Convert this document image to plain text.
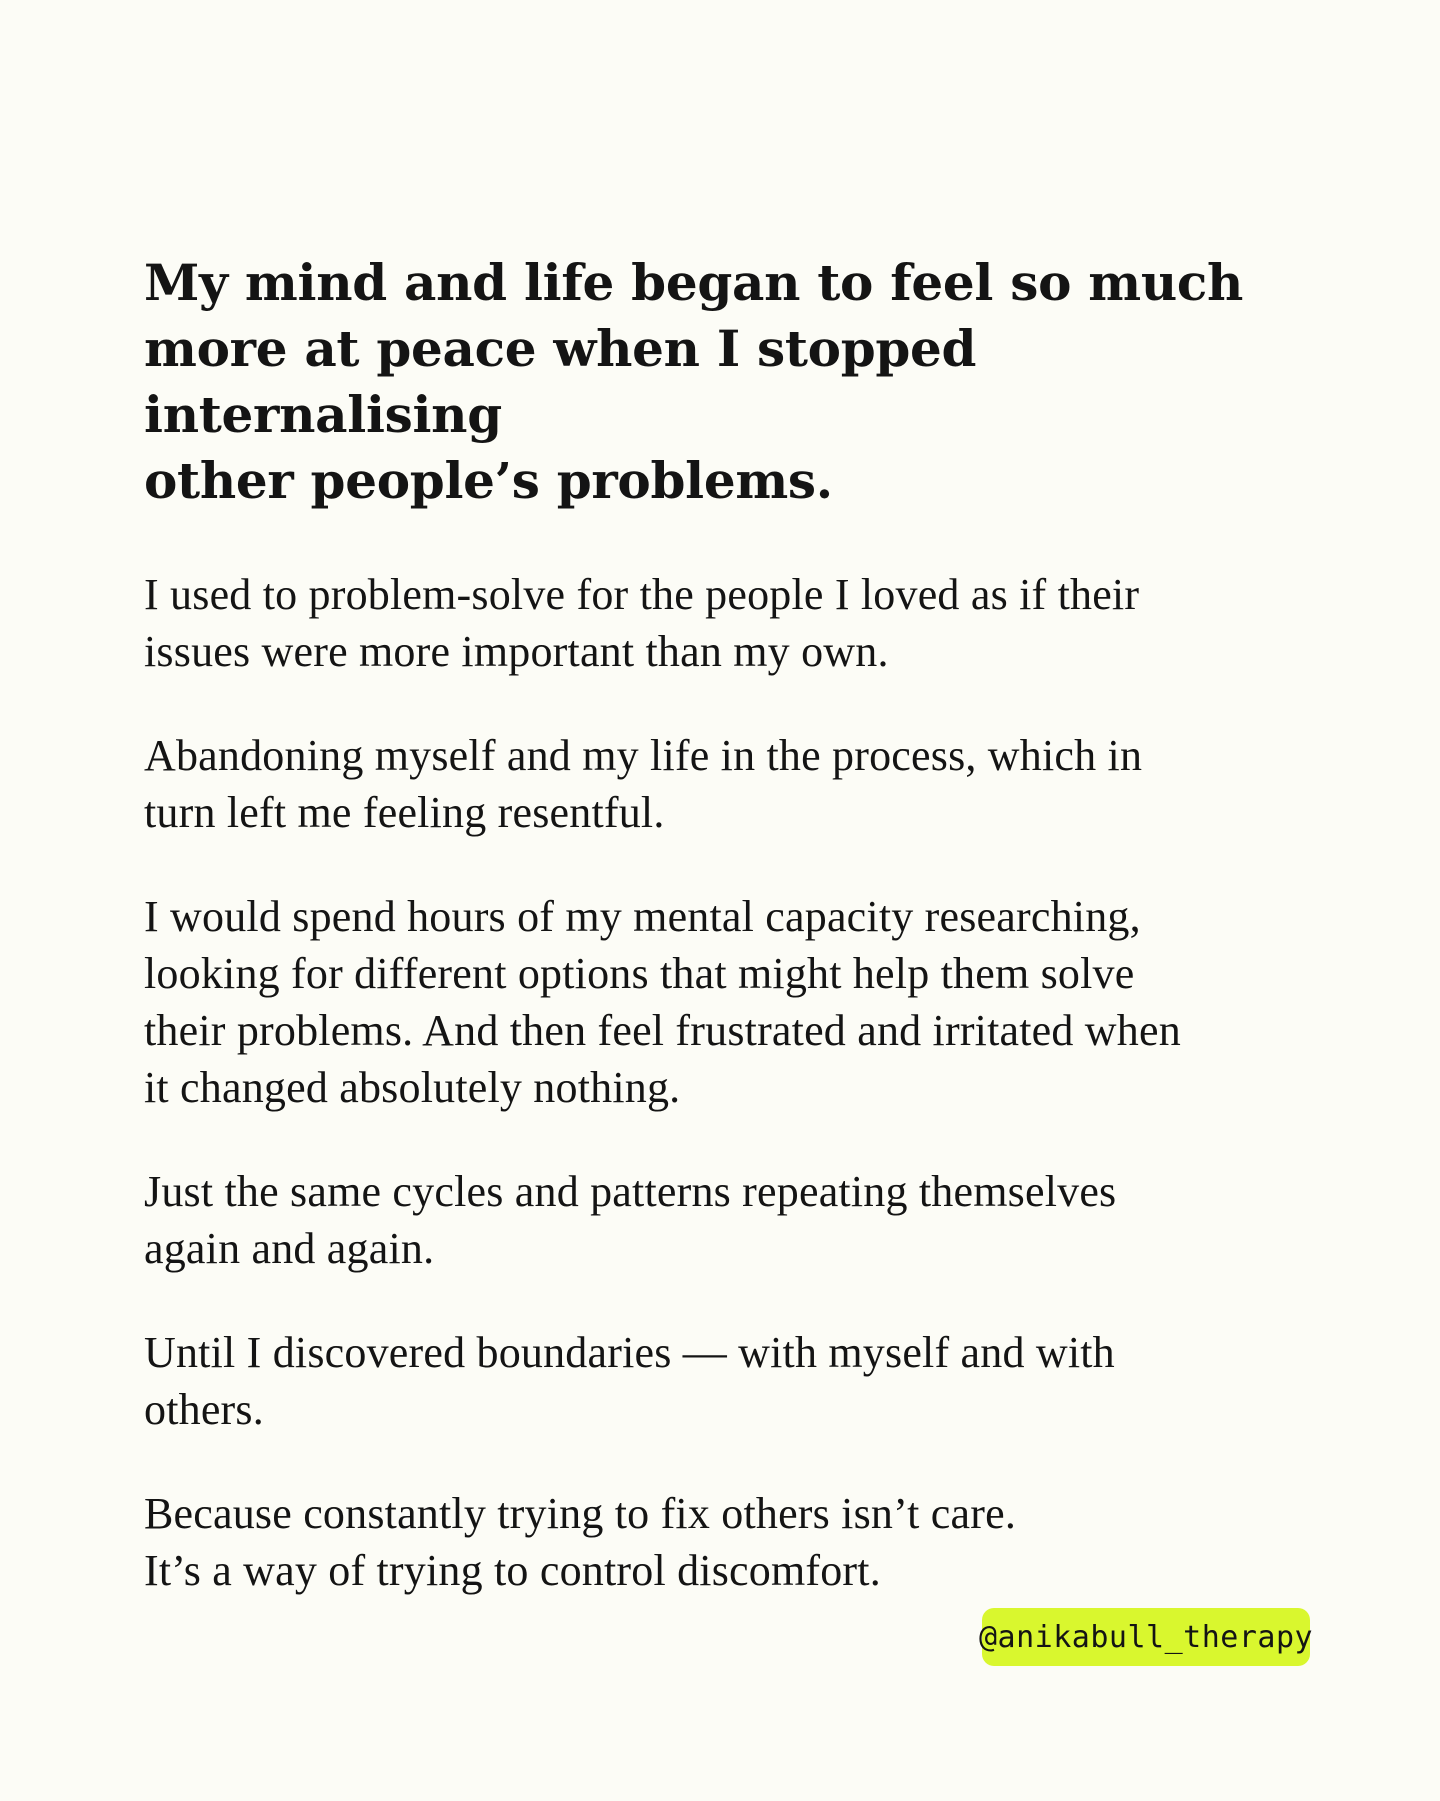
My mind and life began to feel so much
more at peace when I stopped internalising
other people’s problems.

I used to problem-solve for the people I loved as if their
issues were more important than my own.

Abandoning myself and my life in the process, which in
turn left me feeling resentful.

I would spend hours of my mental capacity researching,
looking for different options that might help them solve
their problems. And then feel frustrated and irritated when
it changed absolutely nothing.

Just the same cycles and patterns repeating themselves
again and again.

Until I discovered boundaries — with myself and with
others.

Because constantly trying to fix others isn’t care.
It’s a way of trying to control discomfort.

@anikabull_therapy
